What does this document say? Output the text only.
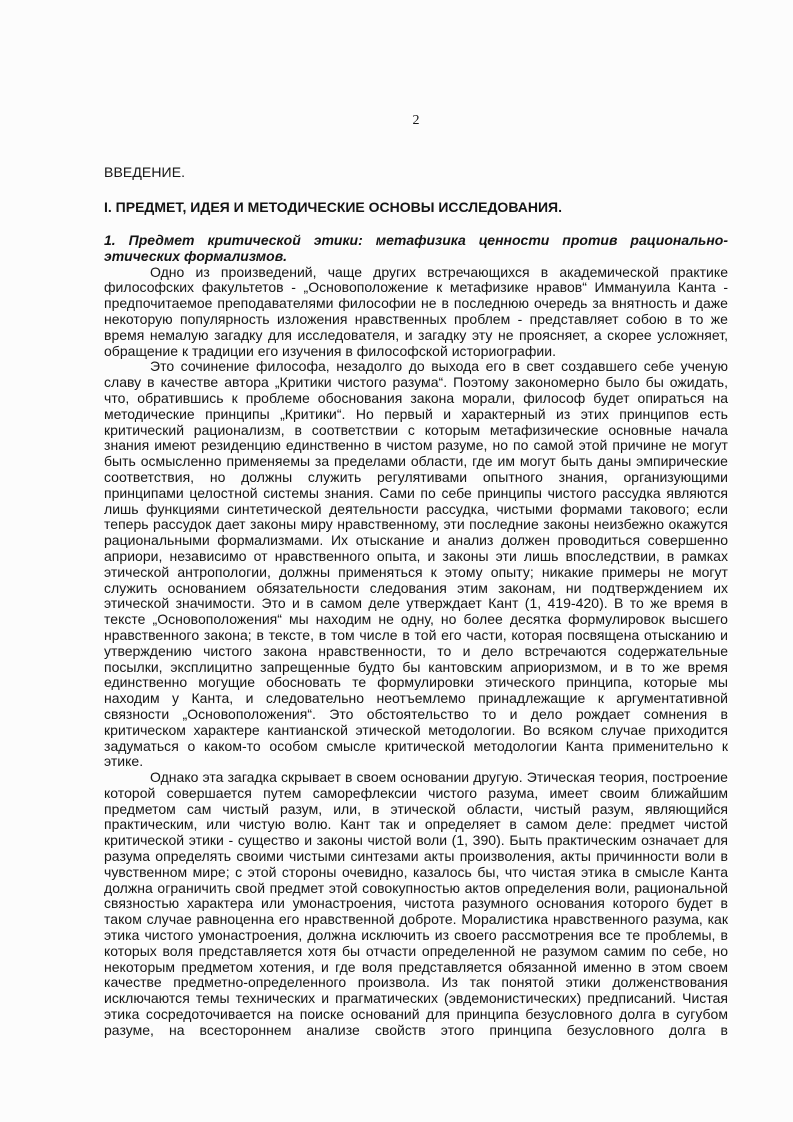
2
ВВЕДЕНИЕ.
I. ПРЕДМЕТ, ИДЕЯ И МЕТОДИЧЕСКИЕ ОСНОВЫ ИССЛЕДОВАНИЯ.
1. Предмет критической этики: метафизика ценности против рационально-этических формализмов.

Одно из произведений, чаще других встречающихся в академической практике философских факультетов - „Основоположение к метафизике нравов“ Иммануила Канта - предпочитаемое преподавателями философии не в последнюю очередь за внятность и даже некоторую популярность изложения нравственных проблем - представляет собою в то же время немалую загадку для исследователя, и загадку эту не проясняет, а скорее усложняет, обращение к традиции его изучения в философской историографии.

Это сочинение философа, незадолго до выхода его в свет создавшего себе ученую славу в качестве автора „Критики чистого разума“. Поэтому закономерно было бы ожидать, что, обратившись к проблеме обоснования закона морали, философ будет опираться на методические принципы „Критики“. Но первый и характерный из этих принципов есть критический рационализм, в соответствии с которым метафизические основные начала знания имеют резиденцию единственно в чистом разуме, но по самой этой причине не могут быть осмысленно применяемы за пределами области, где им могут быть даны эмпирические соответствия, но должны служить регулятивами опытного знания, организующими принципами целостной системы знания. Сами по себе принципы чистого рассудка являются лишь функциями синтетической деятельности рассудка, чистыми формами такового; если теперь рассудок дает законы миру нравственному, эти последние законы неизбежно окажутся рациональными формализмами. Их отыскание и анализ должен проводиться совершенно априори, независимо от нравственного опыта, и законы эти лишь впоследствии, в рамках этической антропологии, должны применяться к этому опыту; никакие примеры не могут служить основанием обязательности следования этим законам, ни подтверждением их этической значимости. Это и в самом деле утверждает Кант (1, 419-420). В то же время в тексте „Основоположения“ мы находим не одну, но более десятка формулировок высшего нравственного закона; в тексте, в том числе в той его части, которая посвящена отысканию и утверждению чистого закона нравственности, то и дело встречаются содержательные посылки, эксплицитно запрещенные будто бы кантовским априоризмом, и в то же время единственно могущие обосновать те формулировки этического принципа, которые мы находим у Канта, и следовательно неотъемлемо принадлежащие к аргументативной связности „Основоположения“. Это обстоятельство то и дело рождает сомнения в критическом характере кантианской этической методологии. Во всяком случае приходится задуматься о каком-то особом смысле критической методологии Канта применительно к этике.

Однако эта загадка скрывает в своем основании другую. Этическая теория, построение которой совершается путем саморефлексии чистого разума, имеет своим ближайшим предметом сам чистый разум, или, в этической области, чистый разум, являющийся практическим, или чистую волю. Кант так и определяет в самом деле: предмет чистой критической этики - существо и законы чистой воли (1, 390). Быть практическим означает для разума определять своими чистыми синтезами акты произволения, акты причинности воли в чувственном мире; с этой стороны очевидно, казалось бы, что чистая этика в смысле Канта должна ограничить свой предмет этой совокупностью актов определения воли, рациональной связностью характера или умонастроения, чистота разумного основания которого будет в таком случае равноценна его нравственной доброте. Моралистика нравственного разума, как этика чистого умонастроения, должна исключить из своего рассмотрения все те проблемы, в которых воля представляется хотя бы отчасти определенной не разумом самим по себе, но некоторым предметом хотения, и где воля представляется обязанной именно в этом своем качестве предметно-определенного произвола. Из так понятой этики долженствования исключаются темы технических и прагматических (эвдемонистических) предписаний. Чистая этика сосредоточивается на поиске оснований для принципа безусловного долга в сугубом разуме, на всестороннем анализе свойств этого принципа безусловного долга в
